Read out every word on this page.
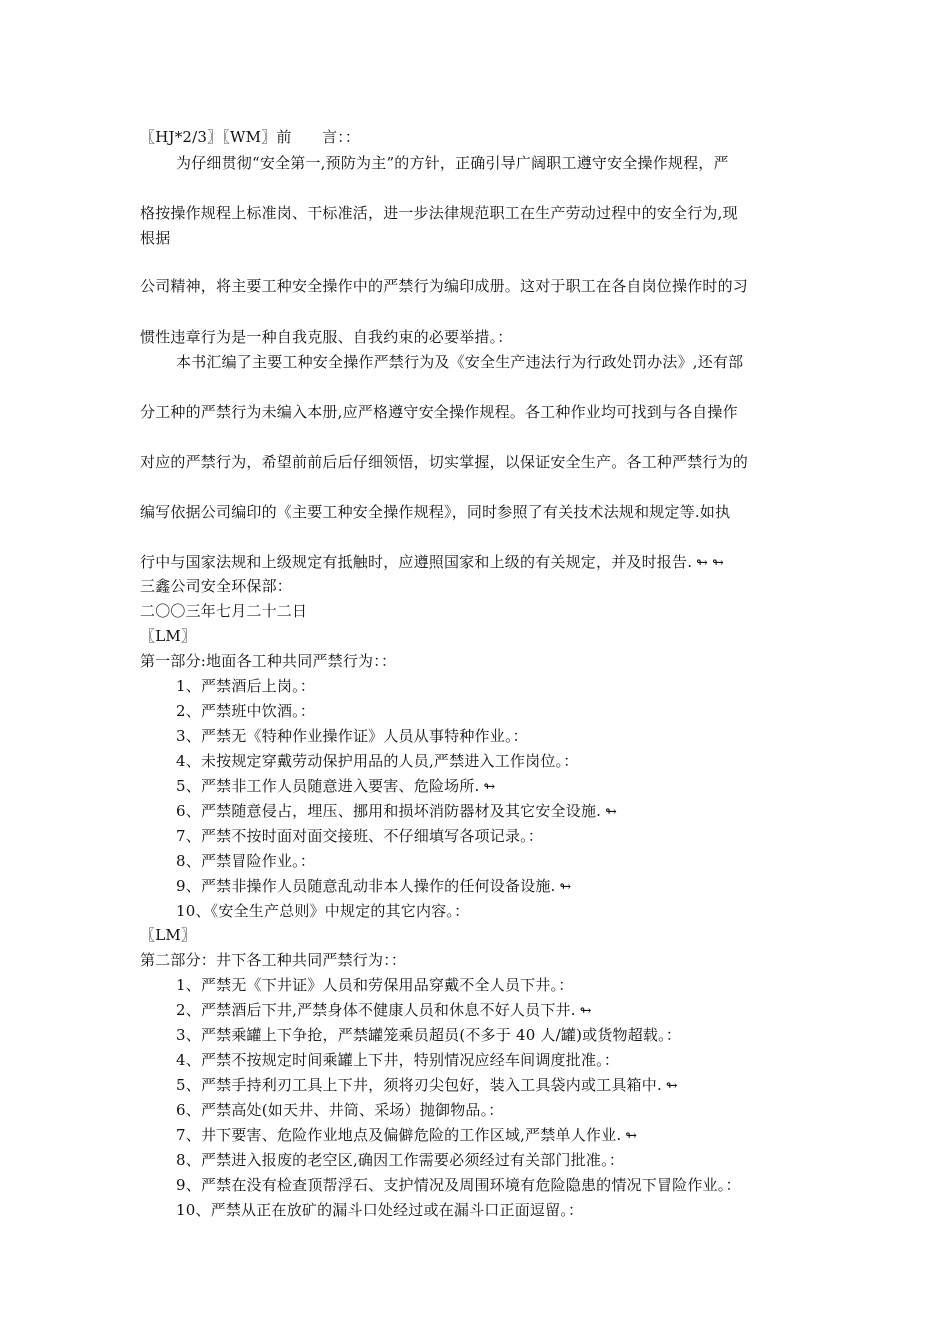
〖HJ*2/3〗〖WM〗前　　言：：
为仔细贯彻“安全第一,预防为主”的方针，正确引导广阔职工遵守安全操作规程，严
格按操作规程上标准岗、干标准活，进一步法律规范职工在生产劳动过程中的安全行为,现
根据
公司精神，将主要工种安全操作中的严禁行为编印成册。这对于职工在各自岗位操作时的习
惯性违章行为是一种自我克服、自我约束的必要举措。：
本书汇编了主要工种安全操作严禁行为及《安全生产违法行为行政处罚办法》,还有部
分工种的严禁行为未编入本册,应严格遵守安全操作规程。各工种作业均可找到与各自操作
对应的严禁行为，希望前前后后仔细领悟，切实掌握，以保证安全生产。各工种严禁行为的
编写依据公司编印的《主要工种安全操作规程》，同时参照了有关技术法规和规定等.如执
行中与国家法规和上级规定有抵触时，应遵照国家和上级的有关规定，并及时报告. ↬ ↬
三鑫公司安全环保部：
二〇〇三年七月二十二日
〖LM〗
第一部分:地面各工种共同严禁行为：：
1、严禁酒后上岗。：
2、严禁班中饮酒。：
3、严禁无《特种作业操作证》人员从事特种作业。：
4、未按规定穿戴劳动保护用品的人员,严禁进入工作岗位。：
5、严禁非工作人员随意进入要害、危险场所. ↬
6、严禁随意侵占，埋压、挪用和损坏消防器材及其它安全设施. ↬
7、严禁不按时面对面交接班、不仔细填写各项记录。：
8、严禁冒险作业。：
9、严禁非操作人员随意乱动非本人操作的任何设备设施. ↬
10、《安全生产总则》中规定的其它内容。：
〖LM〗
第二部分：井下各工种共同严禁行为：：
1、严禁无《下井证》人员和劳保用品穿戴不全人员下井。：
2、严禁酒后下井,严禁身体不健康人员和休息不好人员下井. ↬
3、严禁乘罐上下争抢，严禁罐笼乘员超员(不多于 40 人/罐)或货物超载。：
4、严禁不按规定时间乘罐上下井，特别情况应经车间调度批准。：
5、严禁手持利刃工具上下井，须将刃尖包好，装入工具袋内或工具箱中. ↬
6、严禁高处(如天井、井筒、采场）抛御物品。：
7、井下要害、危险作业地点及偏僻危险的工作区域,严禁单人作业. ↬
8、严禁进入报废的老空区,确因工作需要必须经过有关部门批准。：
9、严禁在没有检查顶帮浮石、支护情况及周围环境有危险隐患的情况下冒险作业。：
10、严禁从正在放矿的漏斗口处经过或在漏斗口正面逗留。：
